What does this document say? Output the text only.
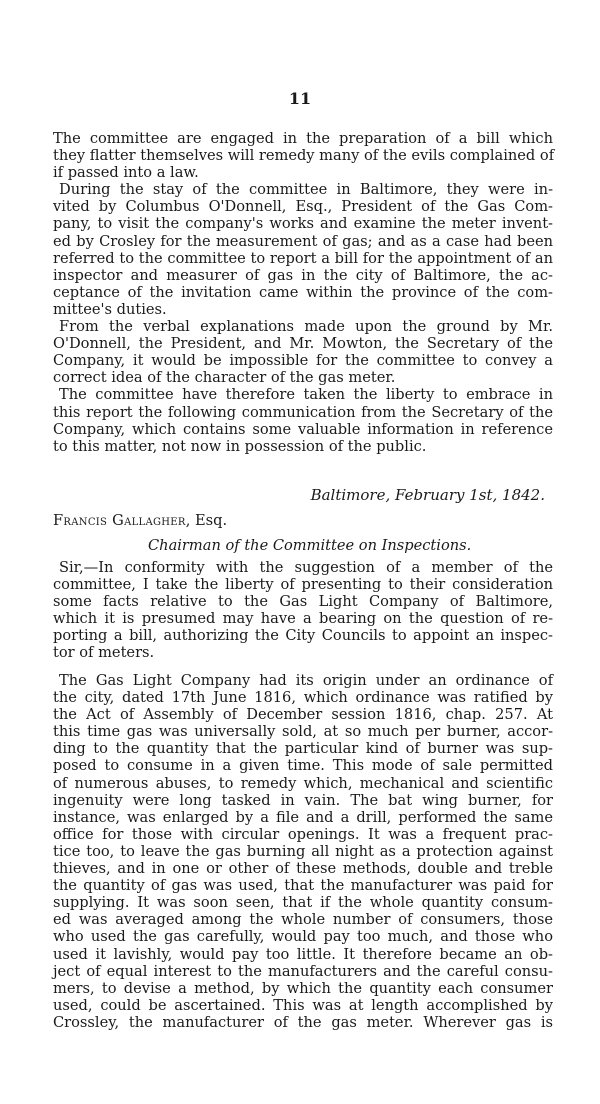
11
The committee are engaged in the preparation of a bill which
they flatter themselves will remedy many of the evils complained of
if passed into a law.
During the stay of the committee in Baltimore, they were in-
vited by Columbus O'Donnell, Esq., President of the Gas Com-
pany, to visit the company's works and examine the meter invent-
ed by Crosley for the measurement of gas; and as a case had been
referred to the committee to report a bill for the appointment of an
inspector and measurer of gas in the city of Baltimore, the ac-
ceptance of the invitation came within the province of the com-
mittee's duties.
From the verbal explanations made upon the ground by Mr.
O'Donnell, the President, and Mr. Mowton, the Secretary of the
Company, it would be impossible for the committee to convey a
correct idea of the character of the gas meter.
The committee have therefore taken the liberty to embrace in
this report the following communication from the Secretary of the
Company, which contains some valuable information in reference
to this matter, not now in possession of the public.
Baltimore, February 1st, 1842.
Francis Gallagher, Esq.
Chairman of the Committee on Inspections.
Sir,—In conformity with the suggestion of a member of the
committee, I take the liberty of presenting to their consideration
some facts relative to the Gas Light Company of Baltimore,
which it is presumed may have a bearing on the question of re-
porting a bill, authorizing the City Councils to appoint an inspec-
tor of meters.
The Gas Light Company had its origin under an ordinance of
the city, dated 17th June 1816, which ordinance was ratified by
the Act of Assembly of December session 1816, chap. 257. At
this time gas was universally sold, at so much per burner, accor-
ding to the quantity that the particular kind of burner was sup-
posed to consume in a given time. This mode of sale permitted
of numerous abuses, to remedy which, mechanical and scientific
ingenuity were long tasked in vain. The bat wing burner, for
instance, was enlarged by a file and a drill, performed the same
office for those with circular openings. It was a frequent prac-
tice too, to leave the gas burning all night as a protection against
thieves, and in one or other of these methods, double and treble
the quantity of gas was used, that the manufacturer was paid for
supplying. It was soon seen, that if the whole quantity consum-
ed was averaged among the whole number of consumers, those
who used the gas carefully, would pay too much, and those who
used it lavishly, would pay too little. It therefore became an ob-
ject of equal interest to the manufacturers and the careful consu-
mers, to devise a method, by which the quantity each consumer
used, could be ascertained. This was at length accomplished by
Crossley, the manufacturer of the gas meter. Wherever gas is
